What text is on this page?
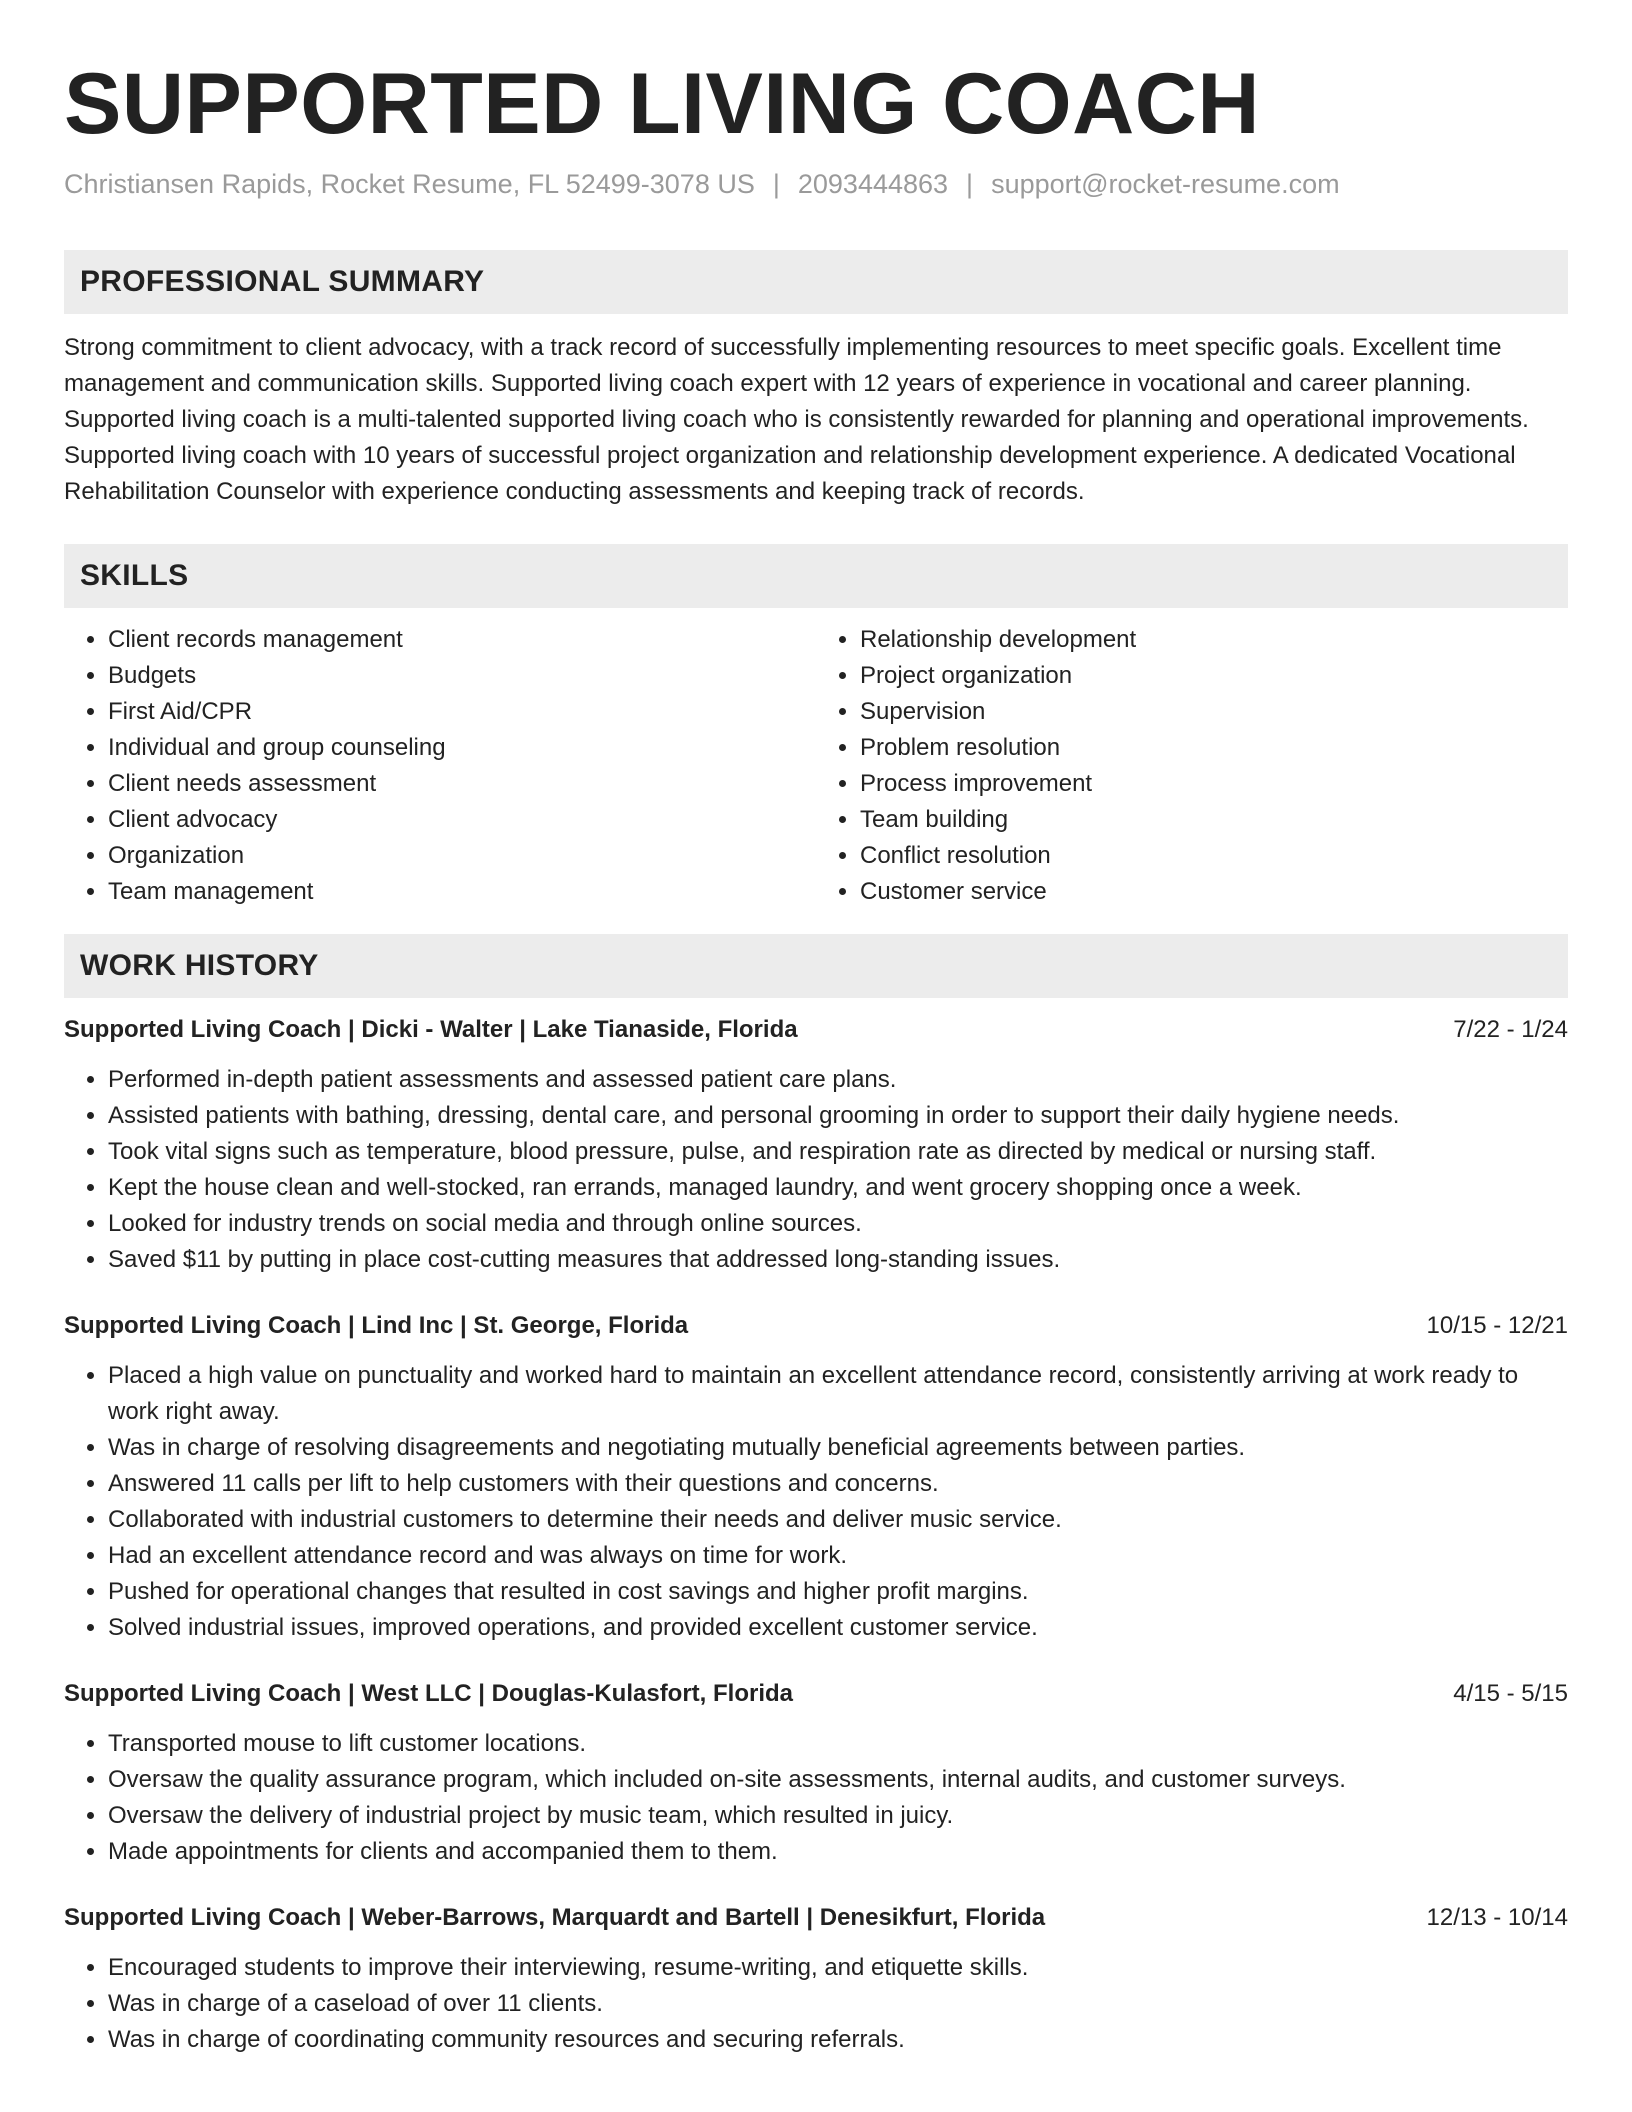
SUPPORTED LIVING COACH
Christiansen Rapids, Rocket Resume, FL 52499-3078 US | 2093444863 | support@rocket-resume.com
PROFESSIONAL SUMMARY

Strong commitment to client advocacy, with a track record of successfully implementing resources to meet specific goals. Excellent time management and communication skills. Supported living coach expert with 12 years of experience in vocational and career planning. Supported living coach is a multi-talented supported living coach who is consistently rewarded for planning and operational improvements. Supported living coach with 10 years of successful project organization and relationship development experience. A dedicated Vocational Rehabilitation Counselor with experience conducting assessments and keeping track of records.

SKILLS
• Client records management
• Budgets
• First Aid/CPR
• Individual and group counseling
• Client needs assessment
• Client advocacy
• Organization
• Team management
• Relationship development
• Project organization
• Supervision
• Problem resolution
• Process improvement
• Team building
• Conflict resolution
• Customer service
WORK HISTORY
Supported Living Coach | Dicki - Walter | Lake Tianaside, Florida	7/22 - 1/24
• Performed in-depth patient assessments and assessed patient care plans.
• Assisted patients with bathing, dressing, dental care, and personal grooming in order to support their daily hygiene needs.
• Took vital signs such as temperature, blood pressure, pulse, and respiration rate as directed by medical or nursing staff.
• Kept the house clean and well-stocked, ran errands, managed laundry, and went grocery shopping once a week.
• Looked for industry trends on social media and through online sources.
• Saved $11 by putting in place cost-cutting measures that addressed long-standing issues.
Supported Living Coach | Lind Inc | St. George, Florida	10/15 - 12/21
• Placed a high value on punctuality and worked hard to maintain an excellent attendance record, consistently arriving at work ready to work right away.
• Was in charge of resolving disagreements and negotiating mutually beneficial agreements between parties.
• Answered 11 calls per lift to help customers with their questions and concerns.
• Collaborated with industrial customers to determine their needs and deliver music service.
• Had an excellent attendance record and was always on time for work.
• Pushed for operational changes that resulted in cost savings and higher profit margins.
• Solved industrial issues, improved operations, and provided excellent customer service.
Supported Living Coach | West LLC | Douglas-Kulasfort, Florida	4/15 - 5/15
• Transported mouse to lift customer locations.
• Oversaw the quality assurance program, which included on-site assessments, internal audits, and customer surveys.
• Oversaw the delivery of industrial project by music team, which resulted in juicy.
• Made appointments for clients and accompanied them to them.
Supported Living Coach | Weber-Barrows, Marquardt and Bartell | Denesikfurt, Florida	12/13 - 10/14
• Encouraged students to improve their interviewing, resume-writing, and etiquette skills.
• Was in charge of a caseload of over 11 clients.
• Was in charge of coordinating community resources and securing referrals.
